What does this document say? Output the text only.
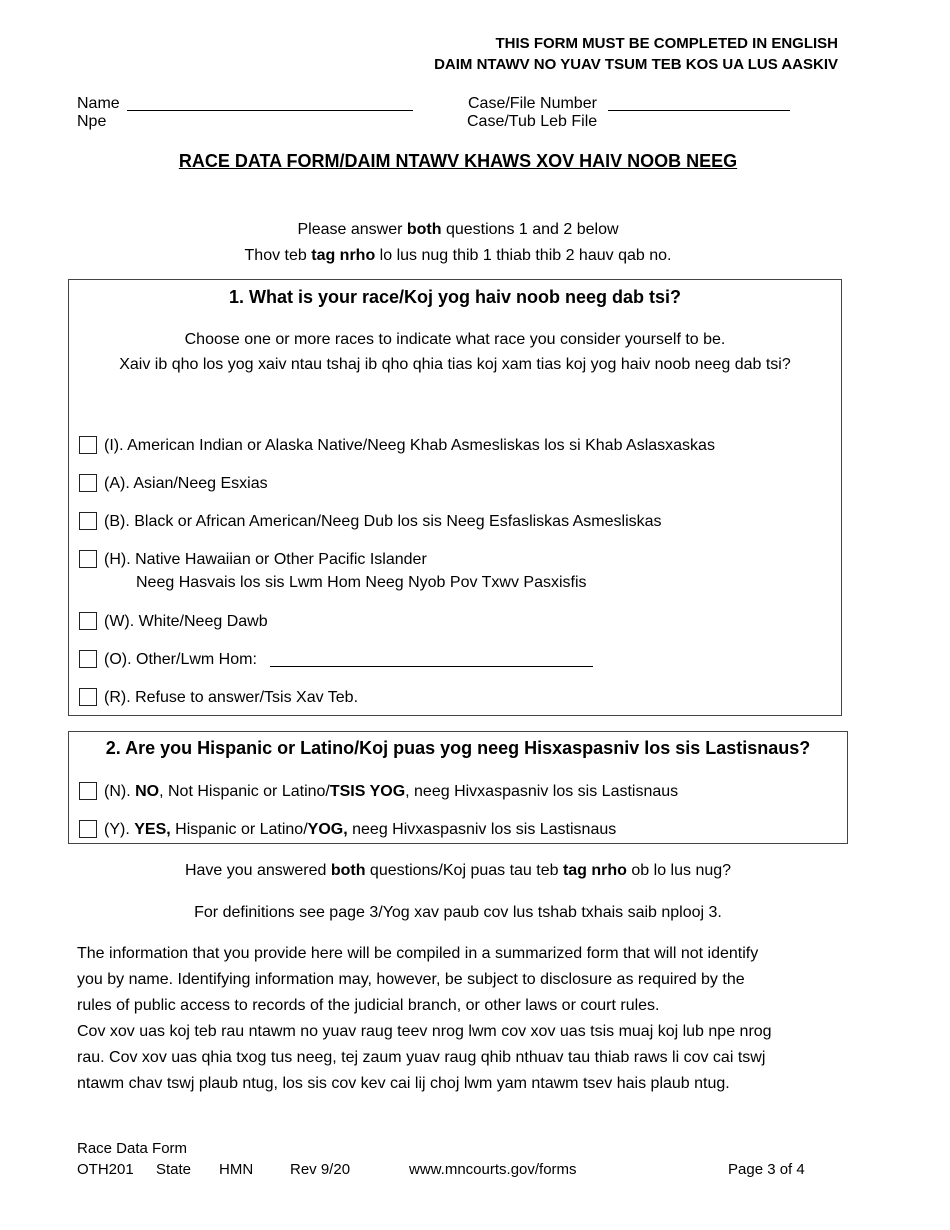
THIS FORM MUST BE COMPLETED IN ENGLISH
DAIM NTAWV NO YUAV TSUM TEB KOS UA LUS AASKIV
Name
Npe
Case/File Number
Case/Tub Leb File
RACE DATA FORM/DAIM NTAWV KHAWS XOV HAIV NOOB NEEG
Please answer both questions 1 and 2 below
Thov teb tag nrho lo lus nug thib 1 thiab thib 2 hauv qab no.
1. What is your race/Koj yog haiv noob neeg dab tsi?
Choose one or more races to indicate what race you consider yourself to be.
Xaiv ib qho los yog xaiv ntau tshaj ib qho qhia tias koj xam tias koj yog haiv noob neeg dab tsi?
(I). American Indian or Alaska Native/Neeg Khab Asmesliskas los si Khab Aslasxaskas
(A). Asian/Neeg Esxias
(B). Black or African American/Neeg Dub los sis Neeg Esfasliskas Asmesliskas
(H). Native Hawaiian or Other Pacific Islander
Neeg Hasvais los sis Lwm Hom Neeg Nyob Pov Txwv Pasxisfis
(W). White/Neeg Dawb
(O). Other/Lwm Hom:
(R). Refuse to answer/Tsis Xav Teb.
2. Are you Hispanic or Latino/Koj puas yog neeg Hisxaspasniv los sis Lastisnaus?
(N). NO, Not Hispanic or Latino/TSIS YOG, neeg Hivxaspasniv los sis Lastisnaus
(Y). YES, Hispanic or Latino/YOG, neeg Hivxaspasniv los sis Lastisnaus
Have you answered both questions/Koj puas tau teb tag nrho ob lo lus nug?
For definitions see page 3/Yog xav paub cov lus tshab txhais saib nplooj 3.
The information that you provide here will be compiled in a summarized form that will not identify
you by name. Identifying information may, however, be subject to disclosure as required by the
rules of public access to records of the judicial branch, or other laws or court rules.
Cov xov uas koj teb rau ntawm no yuav raug teev nrog lwm cov xov uas tsis muaj koj lub npe nrog
rau. Cov xov uas qhia txog tus neeg, tej zaum yuav raug qhib nthuav tau thiab raws li cov cai tswj
ntawm chav tswj plaub ntug, los sis cov kev cai lij choj lwm yam ntawm tsev hais plaub ntug.
Race Data Form
OTH201 State HMN Rev 9/20	www.mncourts.gov/forms	Page 3 of 4
